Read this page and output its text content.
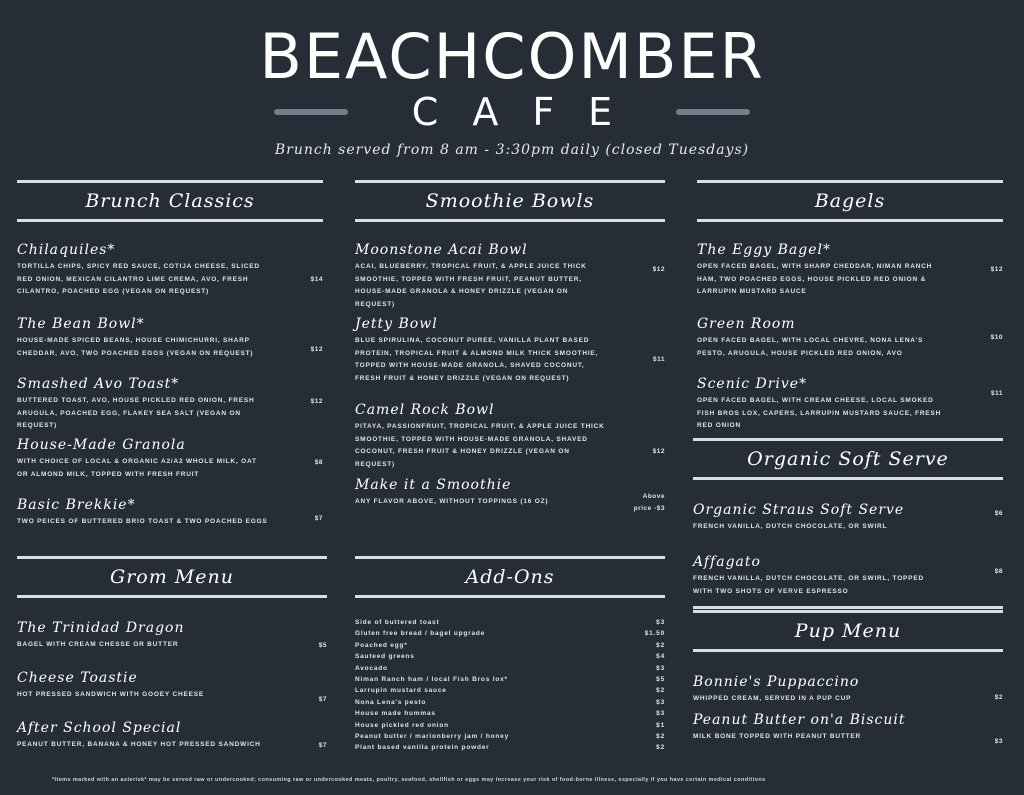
BEACHCOMBER
CAFE
Brunch served from 8 am - 3:30pm daily (closed Tuesdays)
Brunch Classics
Chilaquiles*
TORTILLA CHIPS, SPICY RED SAUCE, COTIJA CHEESE, SLICED RED ONION, MEXICAN CILANTRO LIME CREMA, AVO, FRESH CILANTRO, POACHED EGG (VEGAN ON REQUEST)
$14
The Bean Bowl*
HOUSE-MADE SPICED BEANS, HOUSE CHIMICHURRI, SHARP CHEDDAR, AVO, TWO POACHED EGGS (VEGAN ON REQUEST)	$12
Smashed Avo Toast*
BUTTERED TOAST, AVO, HOUSE PICKLED RED ONION, FRESH ARUGULA, POACHED EGG, FLAKEY SEA SALT (VEGAN ON REQUEST)
$12
House-Made Granola
WITH CHOICE OF LOCAL & ORGANIC A2/A2 WHOLE MILK, OAT OR ALMOND MILK, TOPPED WITH FRESH FRUIT
$8
Basic Brekkie*
TWO PEICES OF BUTTERED BRIO TOAST & TWO POACHED EGGS	$7
Smoothie Bowls
Moonstone Acai Bowl
ACAI, BLUEBERRY, TROPICAL FRUIT, & APPLE JUICE THICK SMOOTHIE, TOPPED WITH FRESH FRUIT, PEANUT BUTTER, HOUSE-MADE GRANOLA & HONEY DRIZZLE (VEGAN ON REQUEST)
$12
Jetty Bowl
BLUE SPIRULINA, COCONUT PUREE, VANILLA PLANT BASED PROTEIN, TROPICAL FRUIT & ALMOND MILK THICK SMOOTHIE, TOPPED WITH HOUSE-MADE GRANOLA, SHAVED COCONUT, FRESH FRUIT & HONEY DRIZZLE (VEGAN ON REQUEST)
$11
Camel Rock Bowl
PITAYA, PASSIONFRUIT, TROPICAL FRUIT, & APPLE JUICE THICK SMOOTHIE, TOPPED WITH HOUSE-MADE GRANOLA, SHAVED COCONUT, FRESH FRUIT & HONEY DRIZZLE (VEGAN ON REQUEST)
$12
Make it a Smoothie
ANY FLAVOR ABOVE, WITHOUT TOPPINGS (16 OZ)
Above price -$3
Bagels
The Eggy Bagel*
OPEN FACED BAGEL, WITH SHARP CHEDDAR, NIMAN RANCH HAM, TWO POACHED EGGS, HOUSE PICKLED RED ONION & LARRUPIN MUSTARD SAUCE
$12
Green Room
OPEN FACED BAGEL, WITH LOCAL CHEVRE, NONA LENA'S PESTO, ARUGULA, HOUSE PICKLED RED ONION, AVO
$10
Scenic Drive*
OPEN FACED BAGEL, WITH CREAM CHEESE, LOCAL SMOKED FISH BROS LOX, CAPERS, LARRUPIN MUSTARD SAUCE, FRESH RED ONION
$11
Organic Soft Serve
Organic Straus Soft Serve
FRENCH VANILLA, DUTCH CHOCOLATE, OR SWIRL
$6
Affagato
FRENCH VANILLA, DUTCH CHOCOLATE, OR SWIRL, TOPPED WITH TWO SHOTS OF VERVE ESPRESSO
$8
Grom Menu
The Trinidad Dragon
BAGEL WITH CREAM CHESSE OR BUTTER	$5
Cheese Toastie
HOT PRESSED SANDWICH WITH GOOEY CHEESE
$7
After School Special
PEANUT BUTTER, BANANA & HONEY HOT PRESSED SANDWICH	$7
Add-Ons
Side of buttered toast	$3
Gluten free bread / bagel upgrade	$1.50
Poached egg*	$2
Sauteed greens	$4
Avocado	$3
Niman Ranch ham / local Fish Bros lox*	$5
Larrupin mustard sauce	$2
Nona Lena's pesto	$3
House made hummas	$3
House pickled red onion	$1
Peanut butter / marionberry jam / honey	$2
Plant based vanilla protein powder	$2
Pup Menu
Bonnie's Puppaccino
WHIPPED CREAM, SERVED IN A PUP CUP	$2
Peanut Butter on'a Biscuit
MILK BONE TOPPED WITH PEANUT BUTTER
$3
*Items marked with an asterisk* may be served raw or undercooked; consuming raw or undercooked meats, poultry, seafood, shellfish or eggs may increase your risk of food-borne illness, especially if you have certain medical conditions
